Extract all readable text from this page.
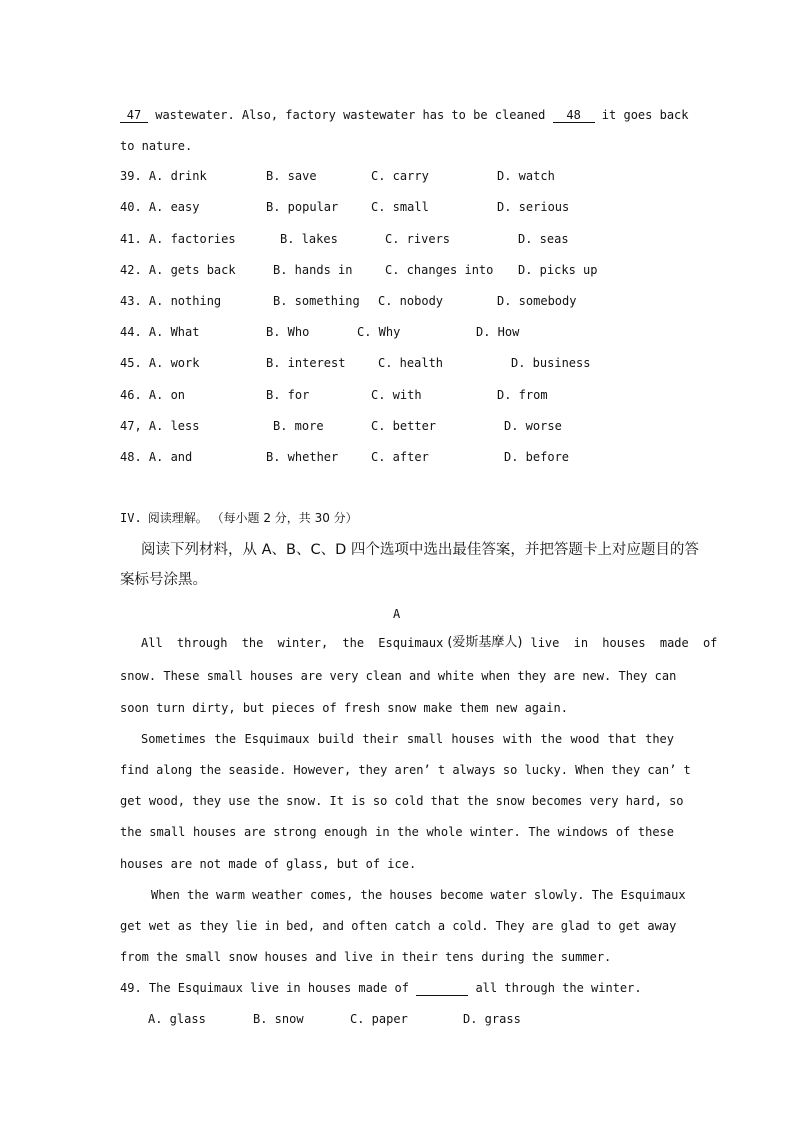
47 wastewater. Also, factory wastewater has to be cleaned 48 it goes back
to nature.
39. A. drink	B. save	C. carry	D. watch
40. A. easy	B. popular	C. small	D. serious
41. A. factories	B. lakes	C. rivers	D. seas
42. A. gets back	B. hands in	C. changes into D. picks up
43. A. nothing	B. something C. nobody	D. somebody
44. A. What	B. Who	C. Why	D. How
45. A. work	B. interest	C. health	D. business
46. A. on	B. for	C. with	D. from
47, A. less	B. more	C. better	D. worse
48. A. and	B. whether	C. after	D. before
IV. 阅读理解。 （每小题 2 分，共 30 分）
阅读下列材料，从 A、B、C、D 四个选项中选出最佳答案，并把答题卡上对应题目的答
案标号涂黑。
A
All through the winter, the Esquimaux (爱斯基摩人) live in houses made of
snow. These small houses are very clean and white when they are new. They can
soon turn dirty, but pieces of fresh snow make them new again.
Sometimes the Esquimaux build their small houses with the wood that they
find along the seaside. However, they aren’ t always so lucky. When they can’ t
get wood, they use the snow. It is so cold that the snow becomes very hard, so
the small houses are strong enough in the whole winter. The windows of these
houses are not made of glass, but of ice.
When the warm weather comes, the houses become water slowly. The Esquimaux
get wet as they lie in bed, and often catch a cold. They are glad to get away
from the small snow houses and live in their tens during the summer.
49. The Esquimaux live in houses made of	all through the winter.
A. glass	B. snow	C. paper	D. grass
